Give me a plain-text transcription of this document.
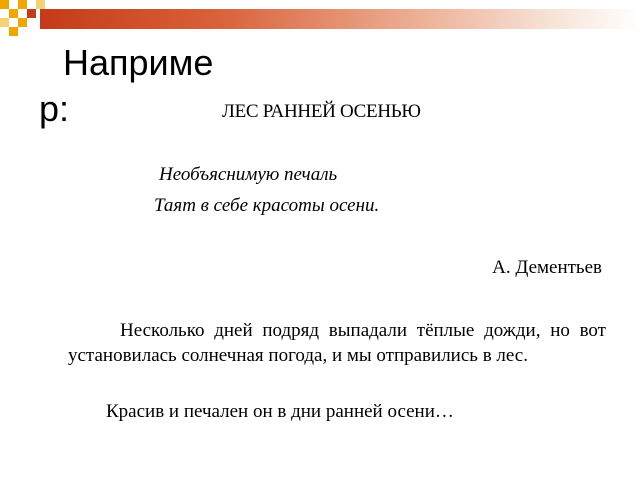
Например:	ЛЕС РАННЕЙ ОСЕНЬЮ
Необъяснимую печаль
Таят в себе красоты осени.
А. Дементьев
Несколько дней подряд выпадали тёплые дожди, но вот установилась солнечная погода, и мы отправились в лес.
Красив и печален он в дни ранней осени…
